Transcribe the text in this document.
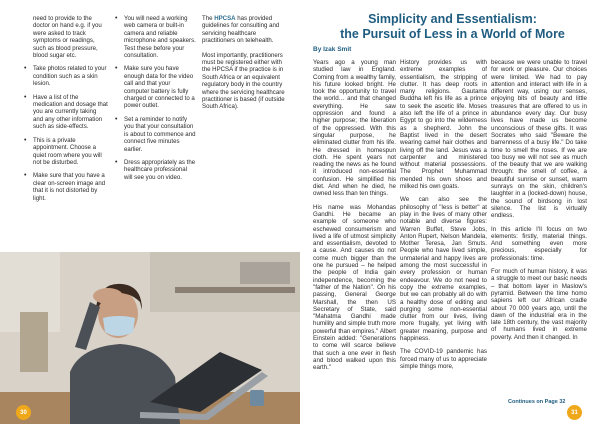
need to provide to the doctor on hand e.g. if you were asked to track symptoms or readings, such as blood pressure, blood sugar etc.
• Take photos related to your condition such as a skin lesion.
• Have a list of the medication and dosage that you are currently taking and any other information such as side-effects.
• This is a private appointment. Choose a quiet room where you will not be disturbed.
• Make sure that you have a clear on-screen image and that it is not distorted by light.
• You will need a working web camera or built-in camera and reliable microphone and speakers. Test these before your consultation.
• Make sure you have enough data for the video call and that your computer battery is fully charged or connected to a power outlet.
• Set a reminder to notify you that your consultation is about to commence and connect five minutes earlier.
• Dress appropriately as the healthcare professional will see you on video.

The HPCSA has provided guidelines for consulting and servicing healthcare practitioners on telehealth.

Most importantly, practitioners must be registered either with the HPCSA if the practice is in South Africa or an equivalent regulatory body in the country where the servicing healthcare practitioner is based (if outside South Africa).

30
Simplicity and Essentialism:
the Pursuit of Less in a World of More
By Izak Smit

Years ago a young man studied law in England. Coming from a wealthy family, his future looked bright. He took the opportunity to travel the world… and that changed everything. He saw oppression and found a higher purpose; the liberation of the oppressed. With this singular purpose, he eliminated clutter from his life. He dressed in homespun cloth. He spent years not reading the news as he found it introduced non-essential confusion. He simplified his diet. And when he died, he owned less than ten things.

His name was Mohandas Gandhi. He became an example of someone who eschewed consumerism and lived a life of utmost simplicity and essentialism, devoted to a cause. And causes do not come much bigger than the one he pursued – he helped the people of India gain independence, becoming the "father of the Nation". On his passing, General George Marshall, the then US Secretary of State, said "Mahatma Gandhi made humility and simple truth more powerful than empires." Albert Einstein added: "Generations to come will scarce believe that such a one ever in flesh and blood walked upon this earth."

History provides us with extreme examples of essentialism, the stripping of clutter. It has deep roots in many religions. Gautama Buddha left his life as a prince to seek the ascetic life. Moses also left the life of a prince in Egypt to go into the wilderness as a shepherd. John the Baptist lived in the desert wearing camel hair clothes and living off the land. Jesus was a carpenter and ministered without material possessions. The Prophet Muhammad mended his own shoes and milked his own goats.

We can also see the philosophy of "less is better" at play in the lives of many other notable and diverse figures: Warren Buffet, Steve Jobs, Anton Rupert, Nelson Mandela, Mother Teresa, Jan Smuts. People who have lived simple, unmaterial and happy lives are among the most successful in every profession or human endeavour. We do not need to copy the extreme examples, but we can probably all do with a healthy dose of editing and purging some non-essential clutter from our lives, living more frugally, yet living with greater meaning, purpose and happiness.

The COVID-19 pandemic has forced many of us to appreciate simple things more,

because we were unable to travel for work or pleasure. Our choices were limited. We had to pay attention and interact with life in a different way, using our senses, enjoying bits of beauty and little treasures that are offered to us in abundance every day. Our busy lives have made us become unconscious of these gifts. It was Socrates who said "Beware the barrenness of a busy life." Do take time to smell the roses. If we are too busy we will not see as much of the beauty that we are walking through: the smell of coffee, a beautiful sunrise or sunset, warm sunrays on the skin, children's laughter in a (locked-down) house, the sound of birdsong in lost silence. The list is virtually endless.

In this article I'll focus on two elements: firstly, material things. And something even more precious, especially for professionals: time.

For much of human history, it was a struggle to meet our basic needs – that bottom layer in Maslow's pyramid. Between the time homo sapiens left our African cradle about 70 000 years ago, until the dawn of the industrial era in the late 18th century, the vast majority of humans lived in extreme poverty. And then it changed. In

Continues on Page 32
31
